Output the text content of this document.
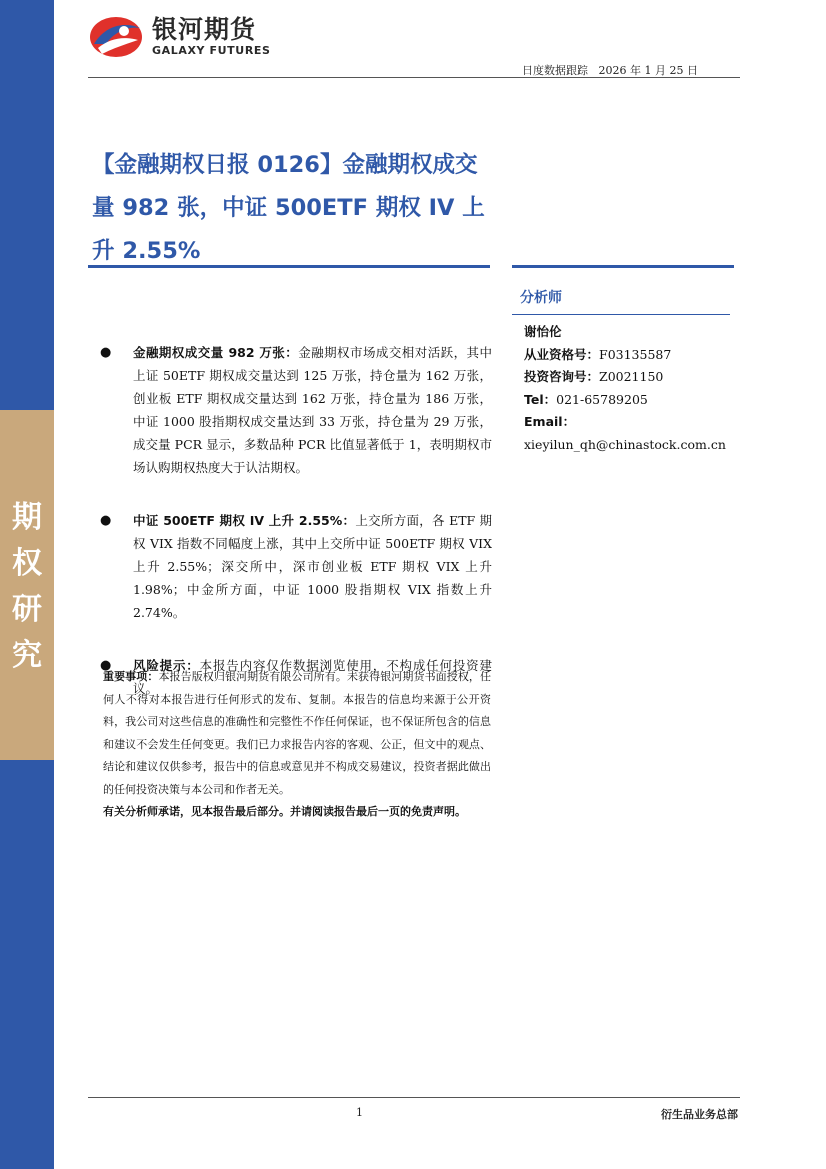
期
权
研
究
银河期货
GALAXY FUTURES
日度数据跟踪 2026 年 1 月 25 日
【金融期权日报 0126】金融期权成交量 982 张，中证 500ETF 期权 IV 上升 2.55%
分析师
谢怡伦
从业资格号：F03135587
投资咨询号：Z0021150
Tel：021-65789205
Email：
xieyilun_qh@chinastock.com.cn
● 金融期权成交量 982 万张：金融期权市场成交相对活跃，其中上证 50ETF 期权成交量达到 125 万张，持仓量为 162 万张，创业板 ETF 期权成交量达到 162 万张，持仓量为 186 万张，中证 1000 股指期权成交量达到 33 万张，持仓量为 29 万张，成交量 PCR 显示，多数品种 PCR 比值显著低于 1，表明期权市场认购期权热度大于认沽期权。
● 中证 500ETF 期权 IV 上升 2.55%：上交所方面，各 ETF 期权 VIX 指数不同幅度上涨，其中上交所中证 500ETF 期权 VIX 上升 2.55%；深交所中，深市创业板 ETF 期权 VIX 上升 1.98%；中金所方面，中证 1000 股指期权 VIX 指数上升 2.74%。
● 风险提示：本报告内容仅作数据浏览使用，不构成任何投资建议。
重要事项：本报告版权归银河期货有限公司所有。未获得银河期货书面授权，任何人不得对本报告进行任何形式的发布、复制。本报告的信息均来源于公开资料，我公司对这些信息的准确性和完整性不作任何保证，也不保证所包含的信息和建议不会发生任何变更。我们已力求报告内容的客观、公正，但文中的观点、结论和建议仅供参考，报告中的信息或意见并不构成交易建议，投资者据此做出的任何投资决策与本公司和作者无关。
有关分析师承诺，见本报告最后部分。并请阅读报告最后一页的免责声明。
1	衍生品业务总部
